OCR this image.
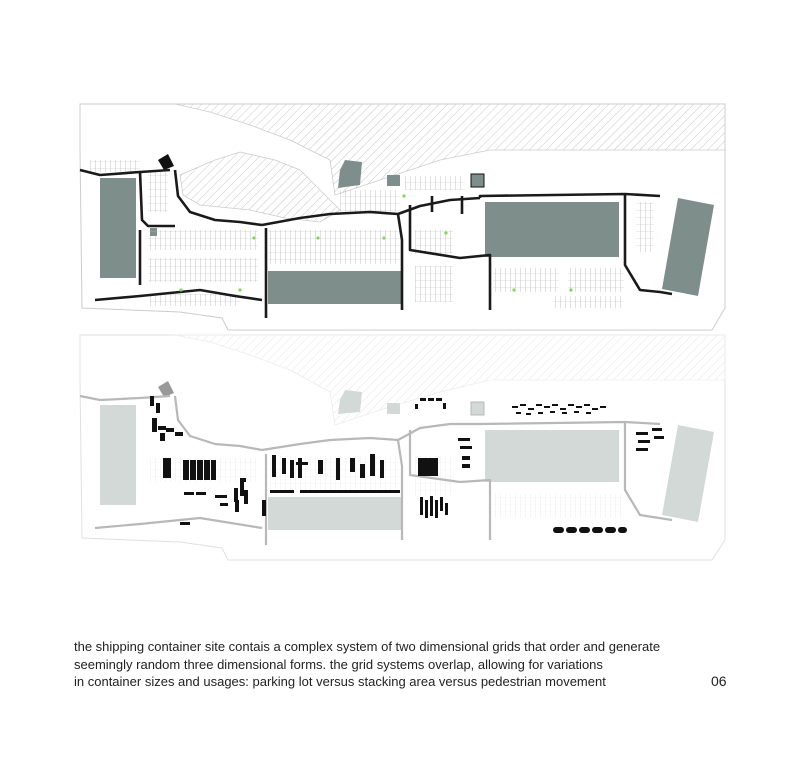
the shipping container site contais a complex system of two dimensional grids that order and generate
seemingly random three dimensional forms. the grid systems overlap, allowing for variations
in container sizes and usages: parking lot versus stacking area versus pedestrian movement	06
